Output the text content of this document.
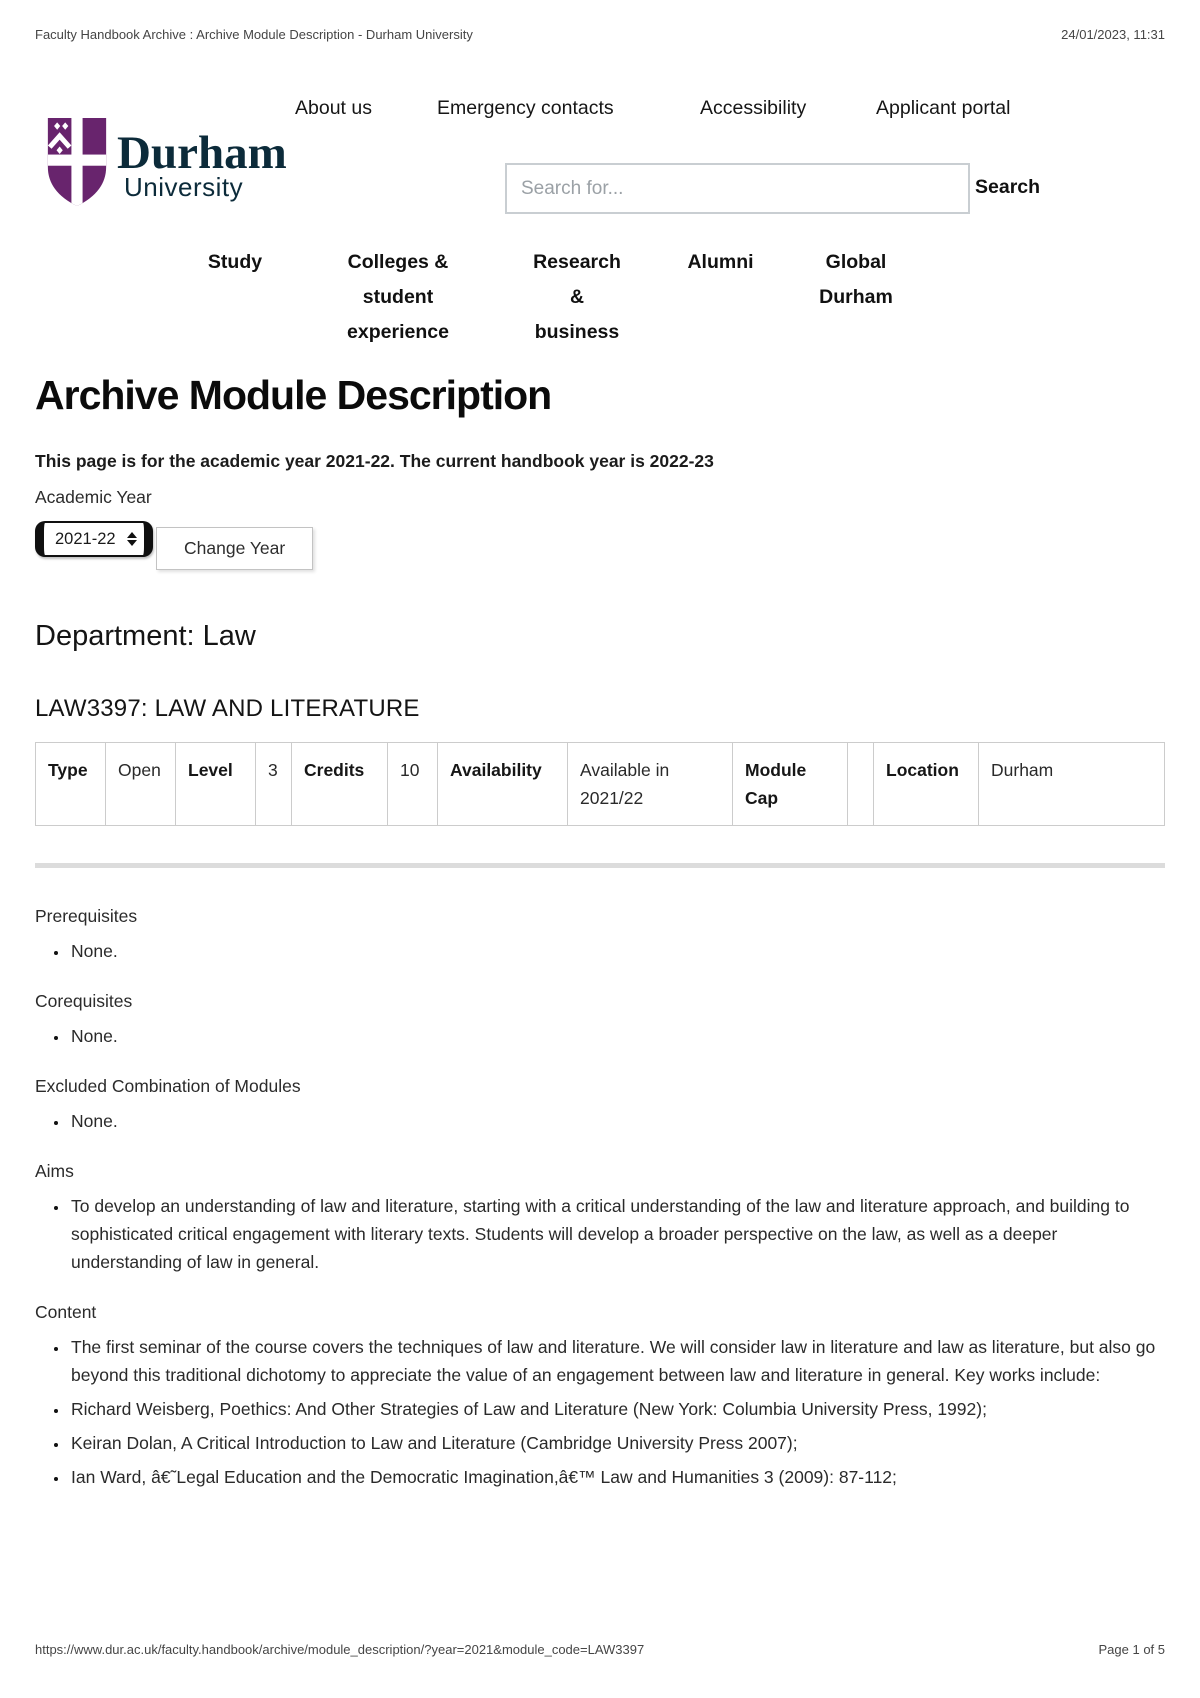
Faculty Handbook Archive : Archive Module Description - Durham University	24/01/2023, 11:31
Durham
University
About us	Emergency contacts	Accessibility	Applicant portal
Search for...
Search
Study	Colleges & student experience
Research & business
Alumni	Global Durham
Archive Module Description

This page is for the academic year 2021-22. The current handbook year is 2022-23

Academic Year

2021-22	Change Year
Department: Law
LAW3397: LAW AND LITERATURE
Type	Open	Level	3	Credits	10	Availability	Available in 2021/22	Module Cap		Location	Durham
Prerequisites
• None.
Corequisites
• None.
Excluded Combination of Modules
• None.
Aims
• To develop an understanding of law and literature, starting with a critical understanding of the law and literature approach, and building to sophisticated critical engagement with literary texts. Students will develop a broader perspective on the law, as well as a deeper understanding of law in general.
Content
• The first seminar of the course covers the techniques of law and literature. We will consider law in literature and law as literature, but also go beyond this traditional dichotomy to appreciate the value of an engagement between law and literature in general. Key works include:
• Richard Weisberg, Poethics: And Other Strategies of Law and Literature (New York: Columbia University Press, 1992);
• Keiran Dolan, A Critical Introduction to Law and Literature (Cambridge University Press 2007);
• Ian Ward, â€˜Legal Education and the Democratic Imagination,â€™ Law and Humanities 3 (2009): 87-112;
https://www.dur.ac.uk/faculty.handbook/archive/module_description/?year=2021&module_code=LAW3397	Page 1 of 5
